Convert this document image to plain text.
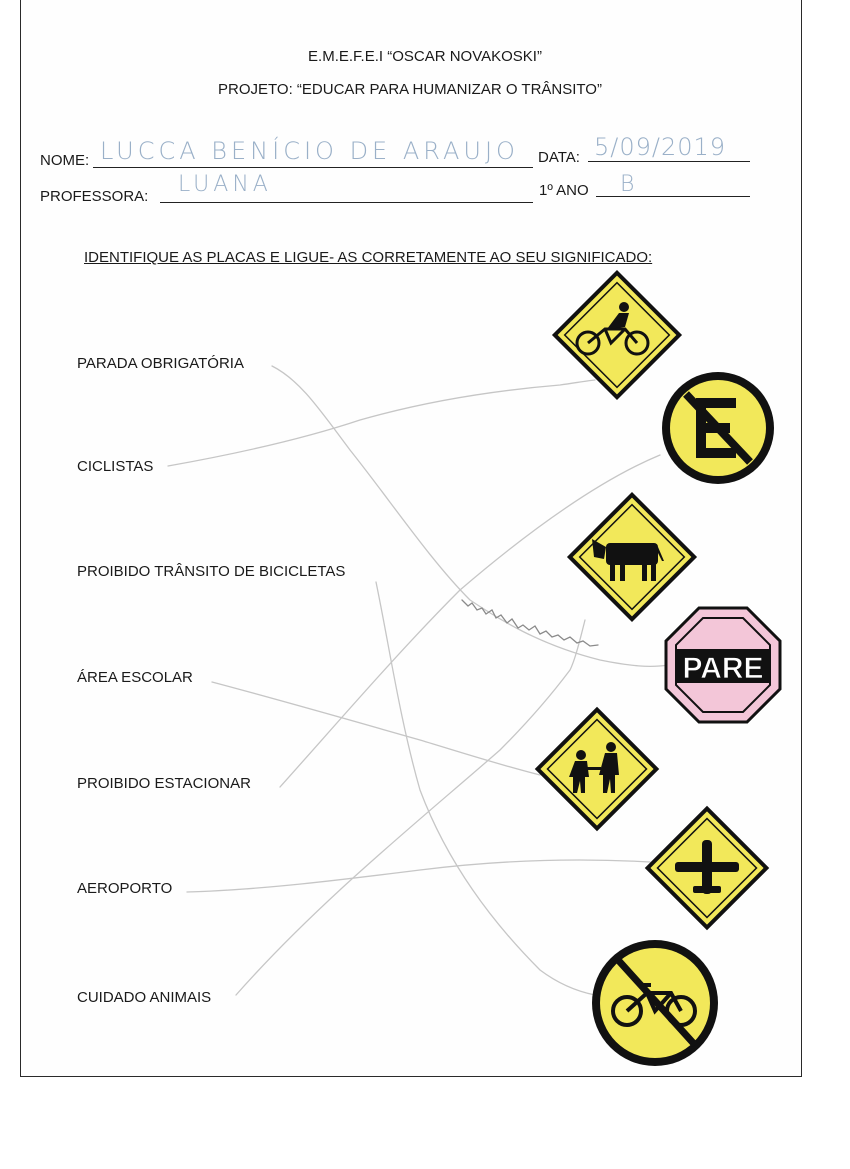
E.M.E.F.E.I “OSCAR NOVAKOSKI”
PROJETO: “EDUCAR PARA HUMANIZAR O TRÂNSITO”
NOME: LUCCA BENÍCIO DE ARAUJO DATA: 5/09/2019
PROFESSORA: LUANA	1º ANO B
IDENTIFIQUE AS PLACAS E LIGUE- AS CORRETAMENTE AO SEU SIGNIFICADO:
PARADA OBRIGATÓRIA
CICLISTAS
PROIBIDO TRÂNSITO DE BICICLETAS
ÁREA ESCOLAR
PROIBIDO ESTACIONAR
AEROPORTO
CUIDADO ANIMAIS
PARE
